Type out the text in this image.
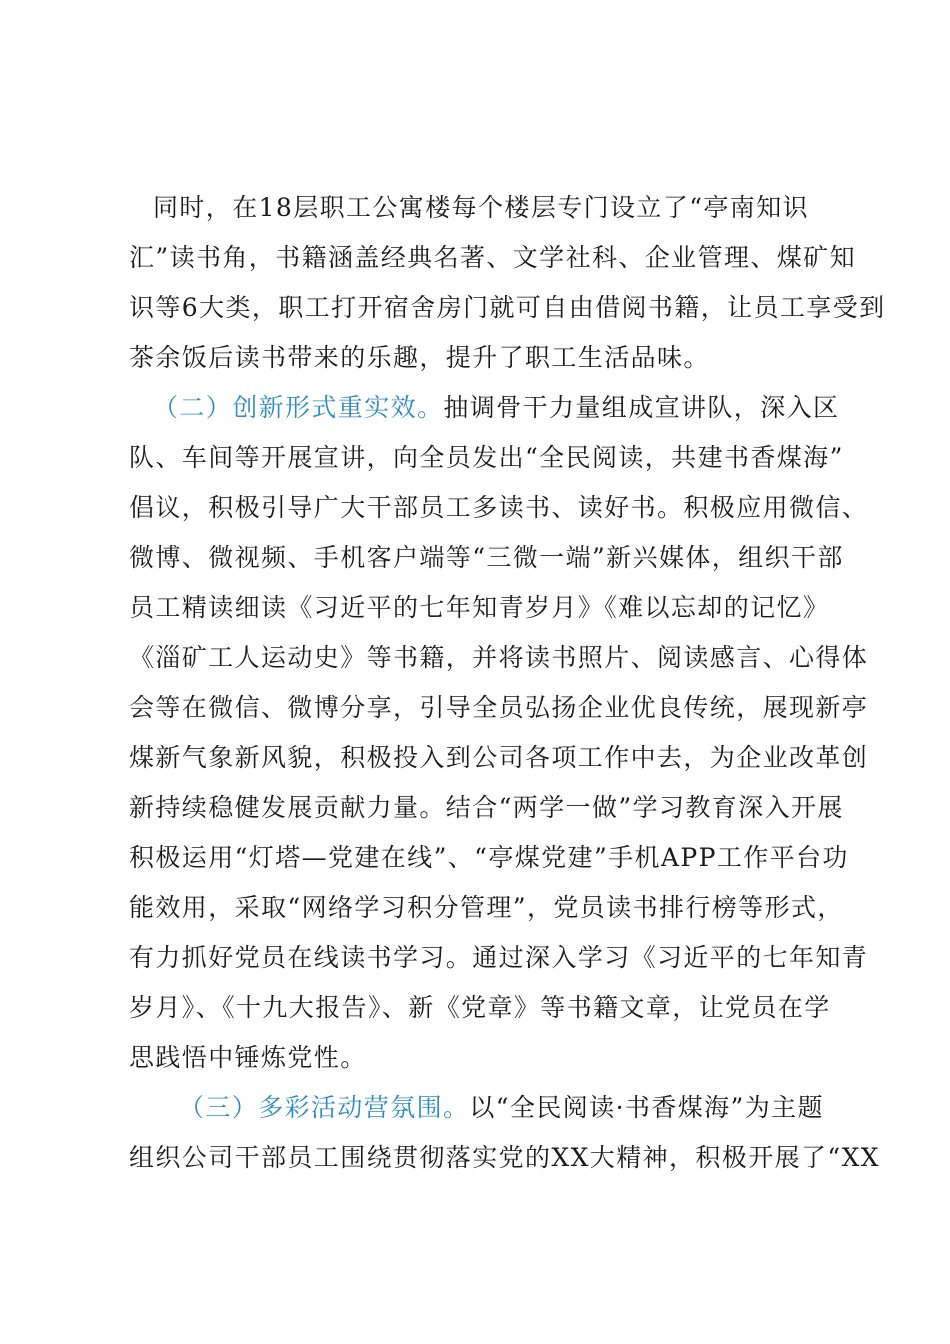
同时，在18层职工公寓楼每个楼层专门设立了“亭南知识
汇”读书角，书籍涵盖经典名著、文学社科、企业管理、煤矿知
识等6大类，职工打开宿舍房门就可自由借阅书籍，让员工享受到
茶余饭后读书带来的乐趣，提升了职工生活品味。

（二）创新形式重实效。抽调骨干力量组成宣讲队，深入区
队、车间等开展宣讲，向全员发出“全民阅读，共建书香煤海”
倡议，积极引导广大干部员工多读书、读好书。积极应用微信、
微博、微视频、手机客户端等“三微一端”新兴媒体，组织干部
员工精读细读《习近平的七年知青岁月》《难以忘却的记忆》
《淄矿工人运动史》等书籍，并将读书照片、阅读感言、心得体
会等在微信、微博分享，引导全员弘扬企业优良传统，展现新亭
煤新气象新风貌，积极投入到公司各项工作中去，为企业改革创
新持续稳健发展贡献力量。结合“两学一做”学习教育深入开展
积极运用“灯塔—党建在线”、“亭煤党建”手机APP工作平台功
能效用，采取“网络学习积分管理”，党员读书排行榜等形式，
有力抓好党员在线读书学习。通过深入学习《习近平的七年知青
岁月》、《十九大报告》、新《党章》等书籍文章，让党员在学
思践悟中锤炼党性。

（三）多彩活动营氛围。以“全民阅读·书香煤海”为主题
组织公司干部员工围绕贯彻落实党的XX大精神，积极开展了“XX
